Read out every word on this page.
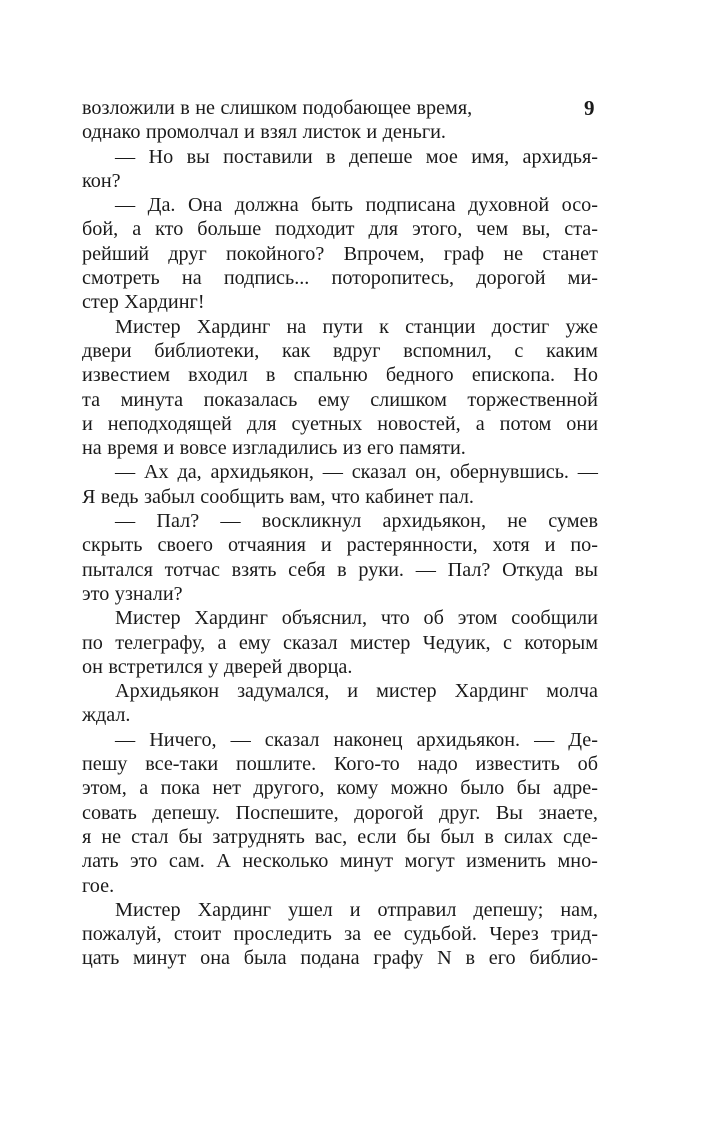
9
возложили в не слишком подобающее время,
однако промолчал и взял листок и деньги.
— Но вы поставили в депеше мое имя, архидья-
кон?
— Да. Она должна быть подписана духовной осо-
бой, а кто больше подходит для этого, чем вы, ста-
рейший друг покойного? Впрочем, граф не станет
смотреть на подпись... поторопитесь, дорогой ми-
стер Хардинг!
Мистер Хардинг на пути к станции достиг уже
двери библиотеки, как вдруг вспомнил, с каким
известием входил в спальню бедного епископа. Но
та минута показалась ему слишком торжественной
и неподходящей для суетных новостей, а потом они
на время и вовсе изгладились из его памяти.
— Ах да, архидьякон, — сказал он, обернувшись. —
Я ведь забыл сообщить вам, что кабинет пал.
— Пал? — воскликнул архидьякон, не сумев
скрыть своего отчаяния и растерянности, хотя и по-
пытался тотчас взять себя в руки. — Пал? Откуда вы
это узнали?
Мистер Хардинг объяснил, что об этом сообщили
по телеграфу, а ему сказал мистер Чедуик, с которым
он встретился у дверей дворца.
Архидьякон задумался, и мистер Хардинг молча
ждал.
— Ничего, — сказал наконец архидьякон. — Де-
пешу все-таки пошлите. Кого-то надо известить об
этом, а пока нет другого, кому можно было бы адре-
совать депешу. Поспешите, дорогой друг. Вы знаете,
я не стал бы затруднять вас, если бы был в силах сде-
лать это сам. А несколько минут могут изменить мно-
гое.
Мистер Хардинг ушел и отправил депешу; нам,
пожалуй, стоит проследить за ее судьбой. Через трид-
цать минут она была подана графу N в его библио-
